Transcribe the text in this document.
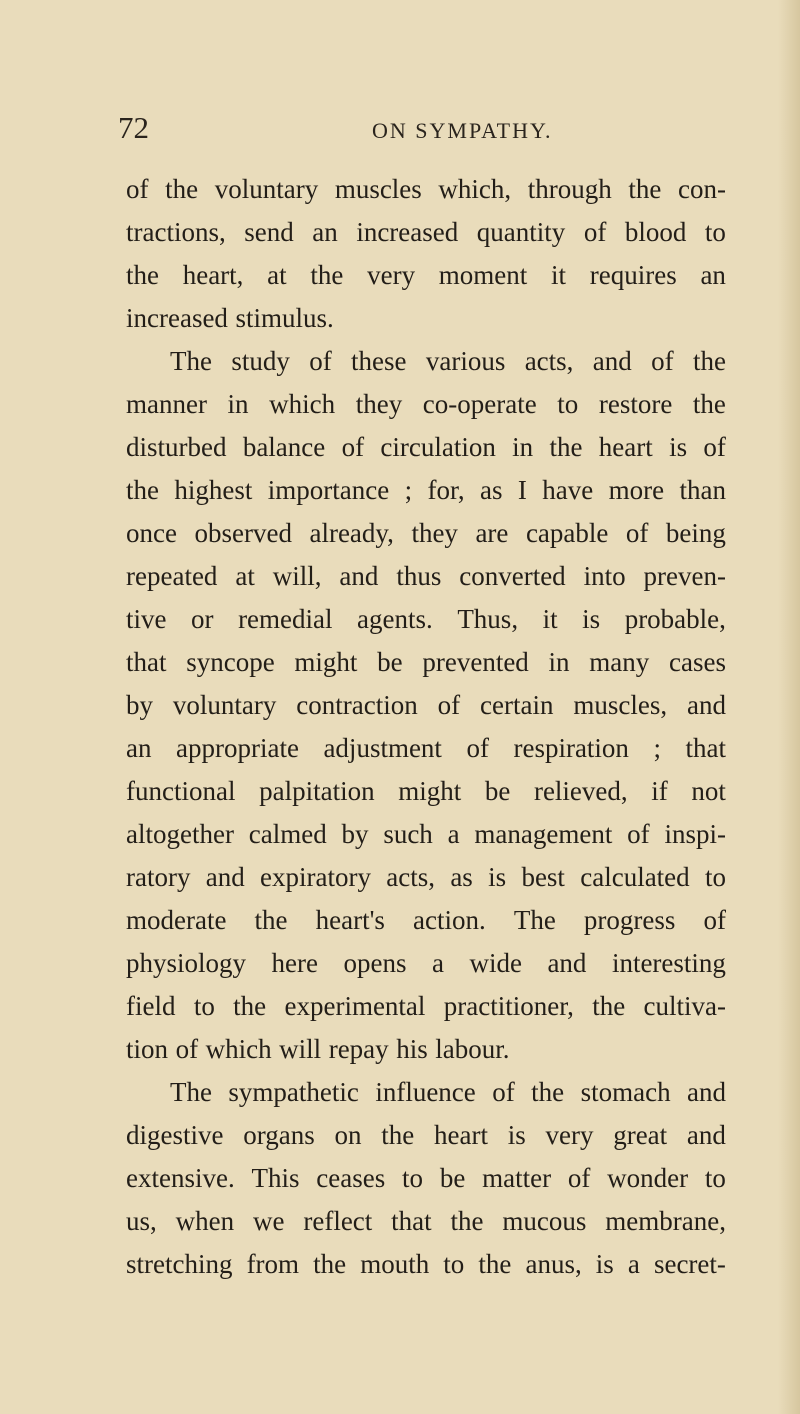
72	ON SYMPATHY.
of the voluntary muscles which, through the con-
tractions, send an increased quantity of blood to
the heart, at the very moment it requires an
increased stimulus.
The study of these various acts, and of the
manner in which they co-operate to restore the
disturbed balance of circulation in the heart is of
the highest importance ; for, as I have more than
once observed already, they are capable of being
repeated at will, and thus converted into preven-
tive or remedial agents. Thus, it is probable,
that syncope might be prevented in many cases
by voluntary contraction of certain muscles, and
an appropriate adjustment of respiration ; that
functional palpitation might be relieved, if not
altogether calmed by such a management of inspi-
ratory and expiratory acts, as is best calculated to
moderate the heart's action. The progress of
physiology here opens a wide and interesting
field to the experimental practitioner, the cultiva-
tion of which will repay his labour.
The sympathetic influence of the stomach and
digestive organs on the heart is very great and
extensive. This ceases to be matter of wonder to
us, when we reflect that the mucous membrane,
stretching from the mouth to the anus, is a secret-
